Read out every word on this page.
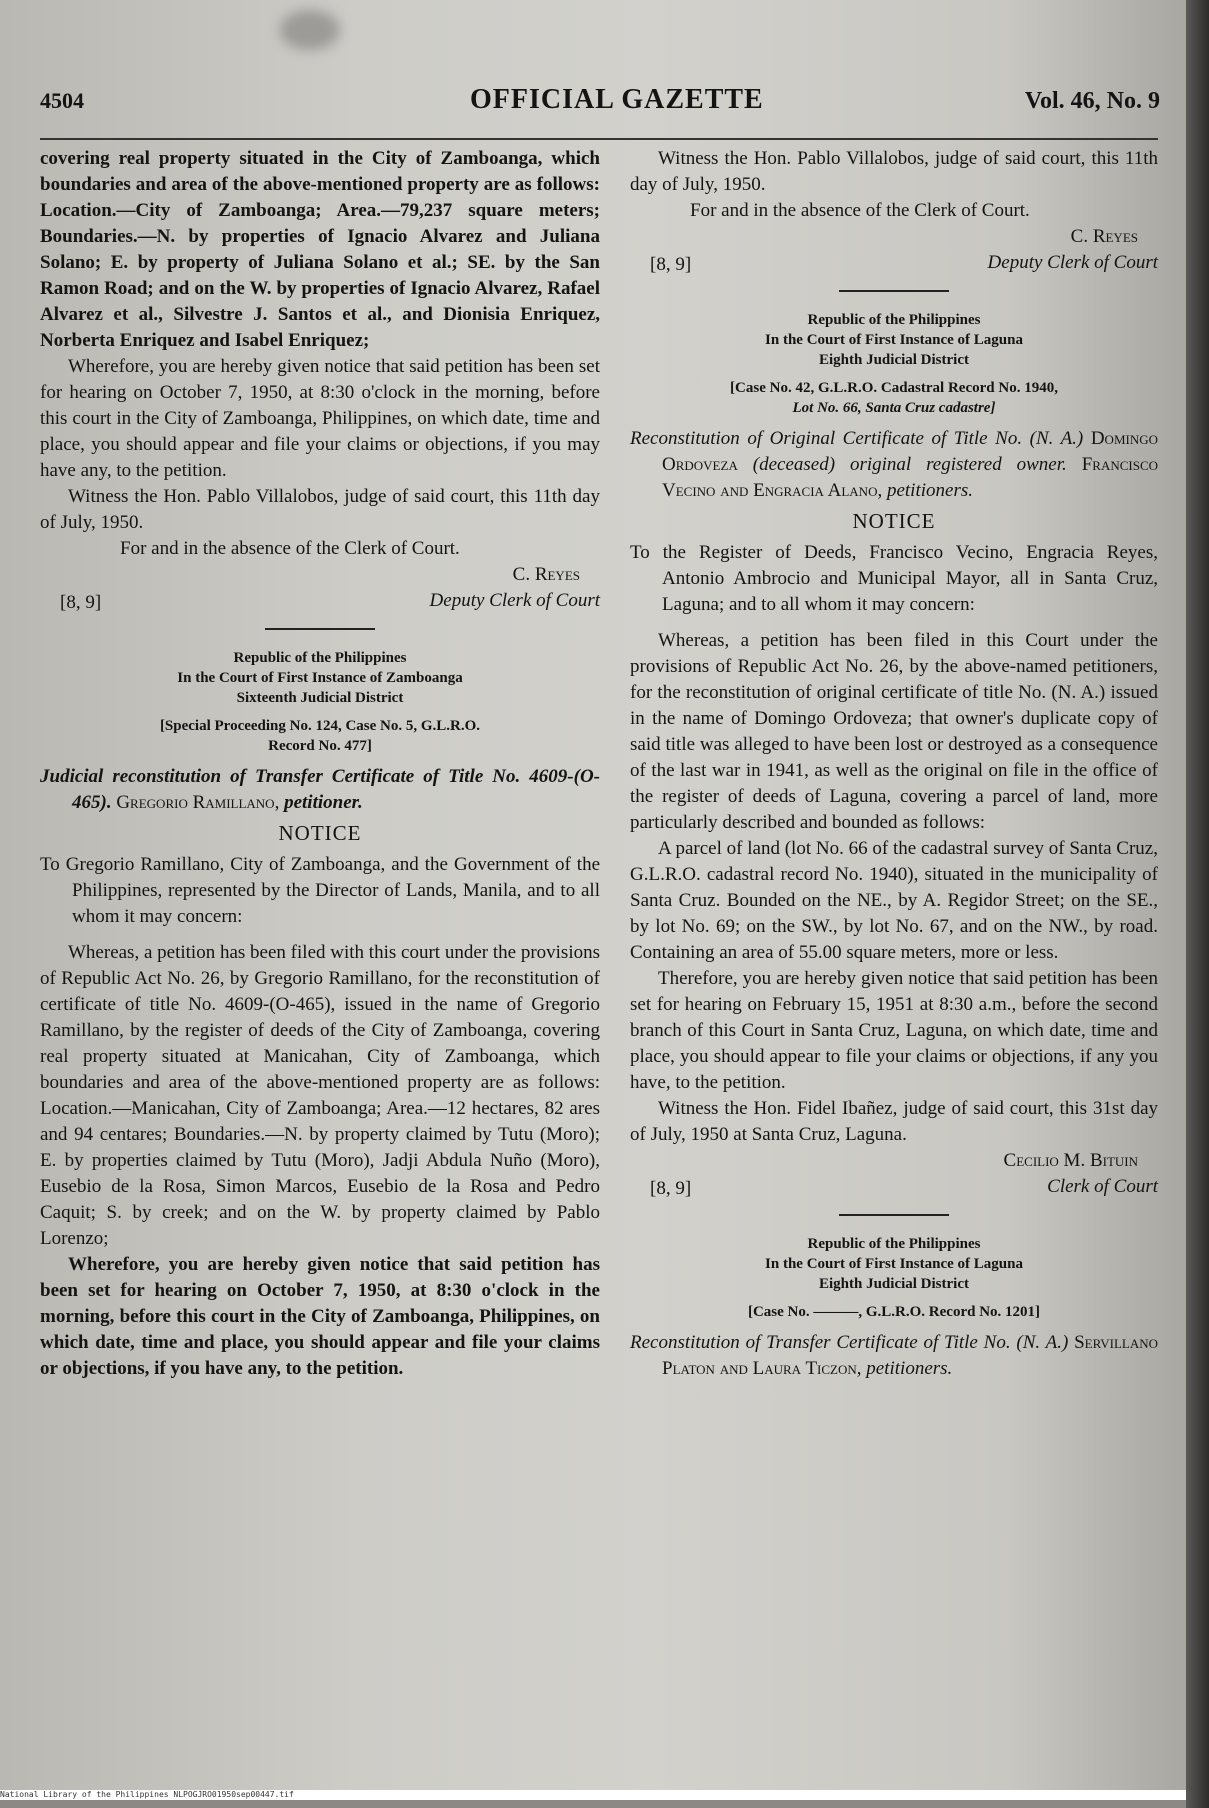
4504	OFFICIAL GAZETTE	Vol. 46, No. 9

covering real property situated in the City of Zamboanga, which boundaries and area of the above-mentioned property are as follows: Location.—City of Zamboanga; Area.—79,237 square meters; Boundaries.—N. by properties of Ignacio Alvarez and Juliana Solano; E. by property of Juliana Solano et al.; SE. by the San Ramon Road; and on the W. by properties of Ignacio Alvarez, Rafael Alvarez et al., Silvestre J. Santos et al., and Dionisia Enriquez, Norberta Enriquez and Isabel Enriquez;

Wherefore, you are hereby given notice that said petition has been set for hearing on October 7, 1950, at 8:30 o'clock in the morning, before this court in the City of Zamboanga, Philippines, on which date, time and place, you should appear and file your claims or objections, if you may have any, to the petition.

Witness the Hon. Pablo Villalobos, judge of said court, this 11th day of July, 1950.

For and in the absence of the Clerk of Court.

C. Reyes
Deputy Clerk of Court
[8, 9]

Republic of the Philippines

In the Court of First Instance of Zamboanga

Sixteenth Judicial District

[Special Proceeding No. 124, Case No. 5, G.L.R.O.
Record No. 477]

Judicial reconstitution of Transfer Certificate of Title No. 4609-(O-465). Gregorio Ramillano, petitioner.

NOTICE

To Gregorio Ramillano, City of Zamboanga, and the Government of the Philippines, represented by the Director of Lands, Manila, and to all whom it may concern:

Whereas, a petition has been filed with this court under the provisions of Republic Act No. 26, by Gregorio Ramillano, for the reconstitution of certificate of title No. 4609-(O-465), issued in the name of Gregorio Ramillano, by the register of deeds of the City of Zamboanga, covering real property situated at Manicahan, City of Zamboanga, which boundaries and area of the above-mentioned property are as follows: Location.—Manicahan, City of Zamboanga; Area.—12 hectares, 82 ares and 94 centares; Boundaries.—N. by property claimed by Tutu (Moro); E. by properties claimed by Tutu (Moro), Jadji Abdula Nuño (Moro), Eusebio de la Rosa, Simon Marcos, Eusebio de la Rosa and Pedro Caquit; S. by creek; and on the W. by property claimed by Pablo Lorenzo;

Wherefore, you are hereby given notice that said petition has been set for hearing on October 7, 1950, at 8:30 o'clock in the morning, before this court in the City of Zamboanga, Philippines, on which date, time and place, you should appear and file your claims or objections, if you have any, to the petition.

Witness the Hon. Pablo Villalobos, judge of said court, this 11th day of July, 1950.

For and in the absence of the Clerk of Court.

C. Reyes
Deputy Clerk of Court
[8, 9]

Republic of the Philippines

In the Court of First Instance of Laguna

Eighth Judicial District

[Case No. 42, G.L.R.O. Cadastral Record No. 1940,
Lot No. 66, Santa Cruz cadastre]

Reconstitution of Original Certificate of Title No. (N. A.) Domingo Ordoveza (deceased) original registered owner. Francisco Vecino and Engracia Alano, petitioners.

NOTICE

To the Register of Deeds, Francisco Vecino, Engracia Reyes, Antonio Ambrocio and Municipal Mayor, all in Santa Cruz, Laguna; and to all whom it may concern:

Whereas, a petition has been filed in this Court under the provisions of Republic Act No. 26, by the above-named petitioners, for the reconstitution of original certificate of title No. (N. A.) issued in the name of Domingo Ordoveza; that owner's duplicate copy of said title was alleged to have been lost or destroyed as a consequence of the last war in 1941, as well as the original on file in the office of the register of deeds of Laguna, covering a parcel of land, more particularly described and bounded as follows:

A parcel of land (lot No. 66 of the cadastral survey of Santa Cruz, G.L.R.O. cadastral record No. 1940), situated in the municipality of Santa Cruz. Bounded on the NE., by A. Regidor Street; on the SE., by lot No. 69; on the SW., by lot No. 67, and on the NW., by road. Containing an area of 55.00 square meters, more or less.

Therefore, you are hereby given notice that said petition has been set for hearing on February 15, 1951 at 8:30 a.m., before the second branch of this Court in Santa Cruz, Laguna, on which date, time and place, you should appear to file your claims or objections, if any you have, to the petition.

Witness the Hon. Fidel Ibañez, judge of said court, this 31st day of July, 1950 at Santa Cruz, Laguna.

Cecilio M. Bituin
Clerk of Court
[8, 9]

Republic of the Philippines

In the Court of First Instance of Laguna

Eighth Judicial District

[Case No. ———, G.L.R.O. Record No. 1201]

Reconstitution of Transfer Certificate of Title No. (N. A.) Servillano Platon and Laura Ticzon, petitioners.

National Library of the Philippines NLPOGJRO01950sep00447.tif
